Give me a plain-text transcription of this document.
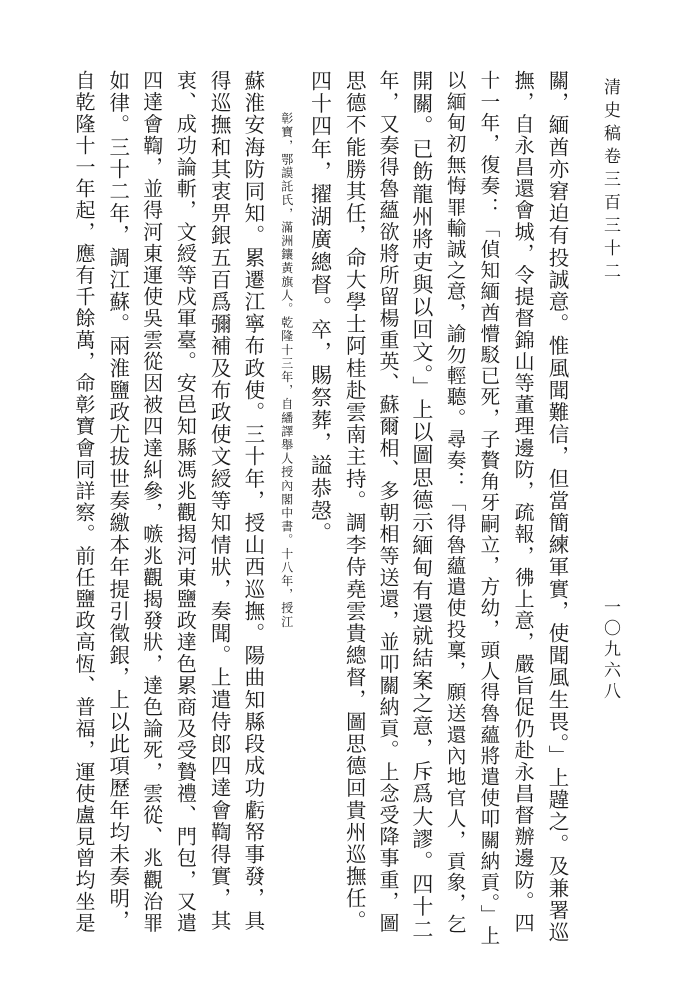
清史稿卷三百三十二
關，緬酋亦窘迫有投誠意。惟風聞難信，但當簡練軍實，使聞風生畏。」上韙之。及兼署巡
撫，自永昌還會城，令提督錦山等董理邊防，疏報，彿上意，嚴旨促仍赴永昌督辦邊防。四
十一年，復奏：「偵知緬酋懵駁已死，子贅角牙嗣立，方幼，頭人得魯蘊將遣使叩關納貢。」上
以緬甸初無悔罪輸誠之意，諭勿輕聽。尋奏：「得魯蘊遣使投稟，願送還內地官人，貢象，乞
開關。已飭龍州將吏與以回文。」上以圖思德示緬甸有還就結案之意，斥爲大謬。四十二
年，又奏得魯蘊欲將所留楊重英、蘇爾相、多朝相等送還，並叩關納貢。上念受降事重，圖
思德不能勝其任，命大學士阿桂赴雲南主持。調李侍堯雲貴總督，圖思德回貴州巡撫任。
四十四年，擢湖廣總督。卒，賜祭葬，謚恭愨。
彰寶，鄂謨託氏，滿洲鑲黃旗人。乾隆十三年，自繙譯舉人授內閣中書。十八年，授江
蘇淮安海防同知。累遷江寧布政使。三十年，授山西巡撫。陽曲知縣段成功虧帑事發，具
得巡撫和其衷畀銀五百爲彌補及布政使文綬等知情狀，奏聞。上遣侍郎四達會鞫得實，其
衷、成功論斬，文綬等戍軍臺。安邑知縣馮兆觀揭河東鹽政達色累商及受贄禮、門包，又遣
四達會鞫，並得河東運使吳雲從因被四達糾參，嗾兆觀揭發狀，達色論死，雲從、兆觀治罪
如律。三十二年，調江蘇。兩淮鹽政尤拔世奏繳本年提引徵銀，上以此項歷年均未奏明，
自乾隆十一年起，應有千餘萬，命彰寶會同詳察。前任鹽政高恆、普福，運使盧見曾均坐是	一〇九六八
